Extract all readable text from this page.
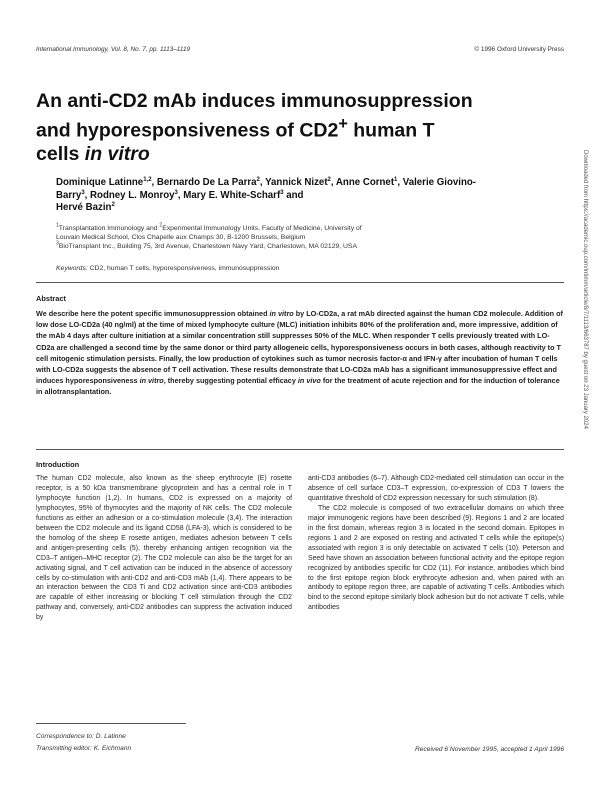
International Immunology, Vol. 8, No. 7, pp. 1113–1119	© 1996 Oxford University Press
An anti-CD2 mAb induces immunosuppression
and hyporesponsiveness of CD2+ human T
cells in vitro
Dominique Latinne$^{1,2}$, Bernardo De La Parra$^2$, Yannick Nizet$^2$, Anne Cornet$^1$, Valerie Giovino-Barry$^3$, Rodney L. Monroy$^3$, Mary E. White-Scharf$^3$ and
Hervé Bazin$^2$
$^1$Transplantation Immunology and $^2$Experimental Immunology Units, Faculty of Medicine, University of
Louvain Medical School, Clos Chapelle aux Champs 30, B-1200 Brussels, Belgium
$^3$BioTransplant Inc., Building 75, 3rd Avenue, Charlestown Navy Yard, Charlestown, MA 02129, USA
Keywords: CD2, human T cells, hyporesponsiveness, immunosuppression
Abstract
We describe here the potent specific immunosuppression obtained in vitro by LO-CD2a, a rat mAb directed against the human CD2 molecule. Addition of low dose LO-CD2a (40 ng/ml) at the time of mixed lymphocyte culture (MLC) initiation inhibits 80% of the proliferation and, more impressive, addition of the mAb 4 days after culture initiation at a similar concentration still suppresses 50% of the MLC. When responder T cells previously treated with LO-CD2a are challenged a second time by the same donor or third party allogeneic cells, hyporesponsiveness occurs in both cases, although reactivity to T cell mitogenic stimulation persists. Finally, the low production of cytokines such as tumor necrosis factor-α and IFN-γ after incubation of human T cells with LO-CD2a suggests the absence of T cell activation. These results demonstrate that LO-CD2a mAb has a significant immunosuppressive effect and induces hyporesponsiveness in vitro, thereby suggesting potential efficacy in vivo for the treatment of acute rejection and for the induction of tolerance in allotransplantation.
Introduction

The human CD2 molecule, also known as the sheep erythrocyte (E) rosette receptor, is a 50 kDa transmembrane glycoprotein and has a central role in T lymphocyte function (1,2). In humans, CD2 is expressed on a majority of lymphocytes, 95% of thymocytes and the majority of NK cells. The CD2 molecule functions as either an adhesion or a co-stimulation molecule (3,4). The interaction between the CD2 molecule and its ligand CD58 (LFA-3), which is considered to be the homolog of the sheep E rosette antigen, mediates adhesion between T cells and antigen-presenting cells (5), thereby enhancing antigen recognition via the CD3–T antigen–MHC receptor (2). The CD2 molecule can also be the target for an activating signal, and T cell activation can be induced in the absence of accessory cells by co-stimulation with anti-CD2 and anti-CD3 mAb (1,4). There appears to be an interaction between the CD3 Ti and CD2 activation since anti-CD3 antibodies are capable of either increasing or blocking T cell stimulation through the CD2 pathway and, conversely, anti-CD2 antibodies can suppress the activation induced by

anti-CD3 antibodies (6–7). Although CD2-mediated cell stimulation can occur in the absence of cell surface CD3–T expression, co-expression of CD3 T lowers the quantitative threshold of CD2 expression necessary for such stimulation (8).

The CD2 molecule is composed of two extracellular domains on which three major immunogenic regions have been described (9). Regions 1 and 2 are located in the first domain, whereas region 3 is located in the second domain. Epitopes in regions 1 and 2 are exposed on resting and activated T cells while the epitope(s) associated with region 3 is only detectable on activated T cells (10). Peterson and Seed have shown an association between functional activity and the epitope region recognized by antibodies specific for CD2 (11). For instance, antibodies which bind to the first epitope region block erythrocyte adhesion and, when paired with an antibody to epitope region three, are capable of activating T cells. Antibodies which bind to the second epitope similarly block adhesion but do not activate T cells, while antibodies

Correspondence to: D. Latinne
Transmitting editor: K. Eichmann	Received 6 November 1995, accepted 1 April 1996
Downloaded from https://academic.oup.com/intimm/article/8/7/1113/663787 by guest on 23 January 2024
